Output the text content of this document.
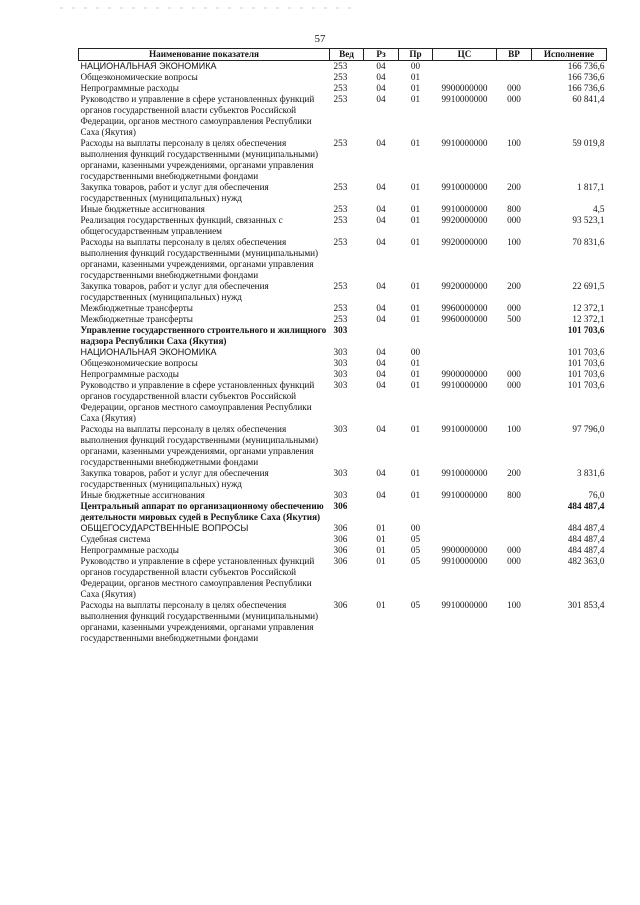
57
Наименование показателя	Вед	Рз	Пр	ЦС	ВР	Исполнение
НАЦИОНАЛЬНАЯ ЭКОНОМИКА	253	04	00			166 736,6
Общеэкономические вопросы	253	04	01			166 736,6
Непрограммные расходы	253	04	01	9900000000	000	166 736,6
Руководство и управление в сфере установленных функций органов государственной власти субъектов Российской Федерации, органов местного самоуправления Республики Саха (Якутия)	253	04	01	9910000000	000	60 841,4
Расходы на выплаты персоналу в целях обеспечения выполнения функций государственными (муниципальными) органами, казенными учреждениями, органами управления государственными внебюджетными фондами	253	04	01	9910000000	100	59 019,8
Закупка товаров, работ и услуг для обеспечения государственных (муниципальных) нужд	253	04	01	9910000000	200	1 817,1
Иные бюджетные ассигнования	253	04	01	9910000000	800	4,5
Реализация государственных функций, связанных с общегосударственным управлением	253	04	01	9920000000	000	93 523,1
Расходы на выплаты персоналу в целях обеспечения выполнения функций государственными (муниципальными) органами, казенными учреждениями, органами управления государственными внебюджетными фондами	253	04	01	9920000000	100	70 831,6
Закупка товаров, работ и услуг для обеспечения государственных (муниципальных) нужд	253	04	01	9920000000	200	22 691,5
Межбюджетные трансферты	253	04	01	9960000000	000	12 372,1
Межбюджетные трансферты	253	04	01	9960000000	500	12 372,1
Управление государственного строительного и жилищного надзора Республики Саха (Якутия)	303					101 703,6
НАЦИОНАЛЬНАЯ ЭКОНОМИКА	303	04	00			101 703,6
Общеэкономические вопросы	303	04	01			101 703,6
Непрограммные расходы	303	04	01	9900000000	000	101 703,6
Руководство и управление в сфере установленных функций органов государственной власти субъектов Российской Федерации, органов местного самоуправления Республики Саха (Якутия)	303	04	01	9910000000	000	101 703,6
Расходы на выплаты персоналу в целях обеспечения выполнения функций государственными (муниципальными) органами, казенными учреждениями, органами управления государственными внебюджетными фондами	303	04	01	9910000000	100	97 796,0
Закупка товаров, работ и услуг для обеспечения государственных (муниципальных) нужд	303	04	01	9910000000	200	3 831,6
Иные бюджетные ассигнования	303	04	01	9910000000	800	76,0
Центральный аппарат по организационному обеспечению деятельности мировых судей в Республике Саха (Якутия)	306					484 487,4
ОБЩЕГОСУДАРСТВЕННЫЕ ВОПРОСЫ	306	01	00			484 487,4
Судебная система	306	01	05			484 487,4
Непрограммные расходы	306	01	05	9900000000	000	484 487,4
Руководство и управление в сфере установленных функций органов государственной власти субъектов Российской Федерации, органов местного самоуправления Республики Саха (Якутия)	306	01	05	9910000000	000	482 363,0
Расходы на выплаты персоналу в целях обеспечения выполнения функций государственными (муниципальными) органами, казенными учреждениями, органами управления государственными внебюджетными фондами	306	01	05	9910000000	100	301 853,4
